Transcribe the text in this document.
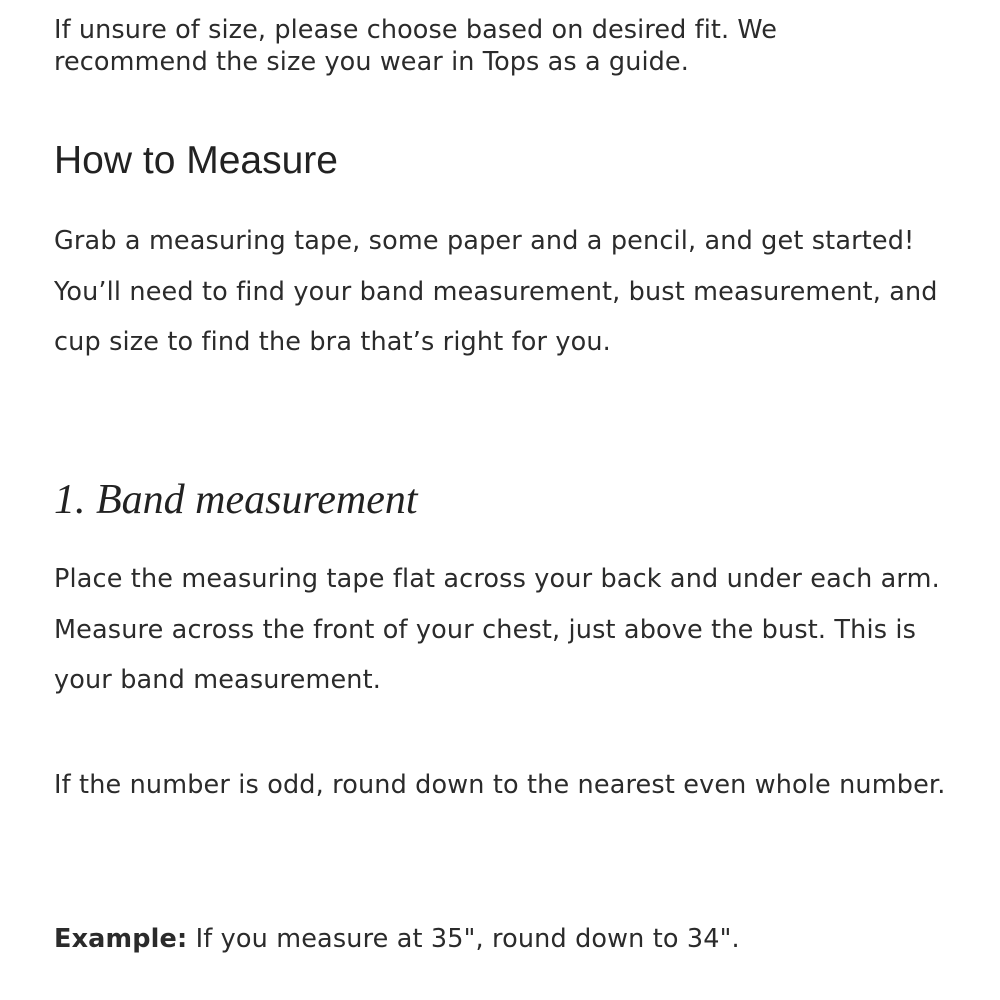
If unsure of size, please choose based on desired fit. We
recommend the size you wear in Tops as a guide.

How to Measure

Grab a measuring tape, some paper and a pencil, and get started! You’ll need to find your band measurement, bust measurement, and cup size to find the bra that’s right for you.

1. Band measurement

Place the measuring tape flat across your back and under each arm. Measure across the front of your chest, just above the bust. This is your band measurement.

If the number is odd, round down to the nearest even whole number.

Example: If you measure at 35", round down to 34".
